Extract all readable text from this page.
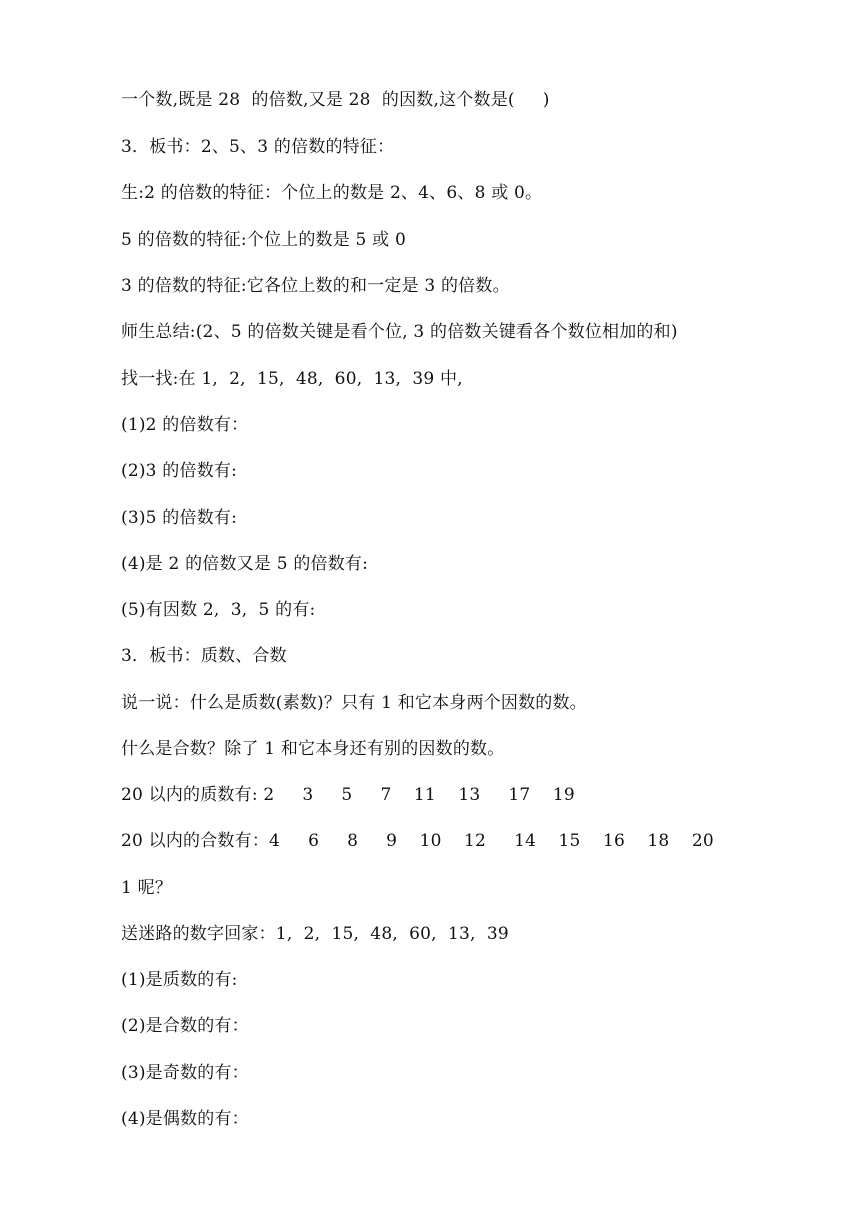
一个数,既是 28  的倍数,又是 28  的因数,这个数是(     )
3．板书：2、5、3 的倍数的特征：
生:2 的倍数的特征：个位上的数是 2、4、6、8 或 0。
5 的倍数的特征:个位上的数是 5 或 0
3 的倍数的特征:它各位上数的和一定是 3 的倍数。
师生总结:(2、5 的倍数关键是看个位, 3 的倍数关键看各个数位相加的和)
找一找:在 1,  2,  15,  48,  60,  13,  39 中,
(1)2 的倍数有：
(2)3 的倍数有:
(3)5 的倍数有:
(4)是 2 的倍数又是 5 的倍数有:
(5)有因数 2,  3,  5 的有:
3．板书：质数、合数
说一说：什么是质数(素数)？只有 1 和它本身两个因数的数。
什么是合数？除了 1 和它本身还有别的因数的数。
20 以内的质数有: 2     3     5     7    11    13     17    19
20 以内的合数有：4     6     8     9    10    12     14    15    16    18    20
1 呢？
送迷路的数字回家：1,  2,  15,  48,  60,  13,  39
(1)是质数的有:
(2)是合数的有：
(3)是奇数的有：
(4)是偶数的有：
